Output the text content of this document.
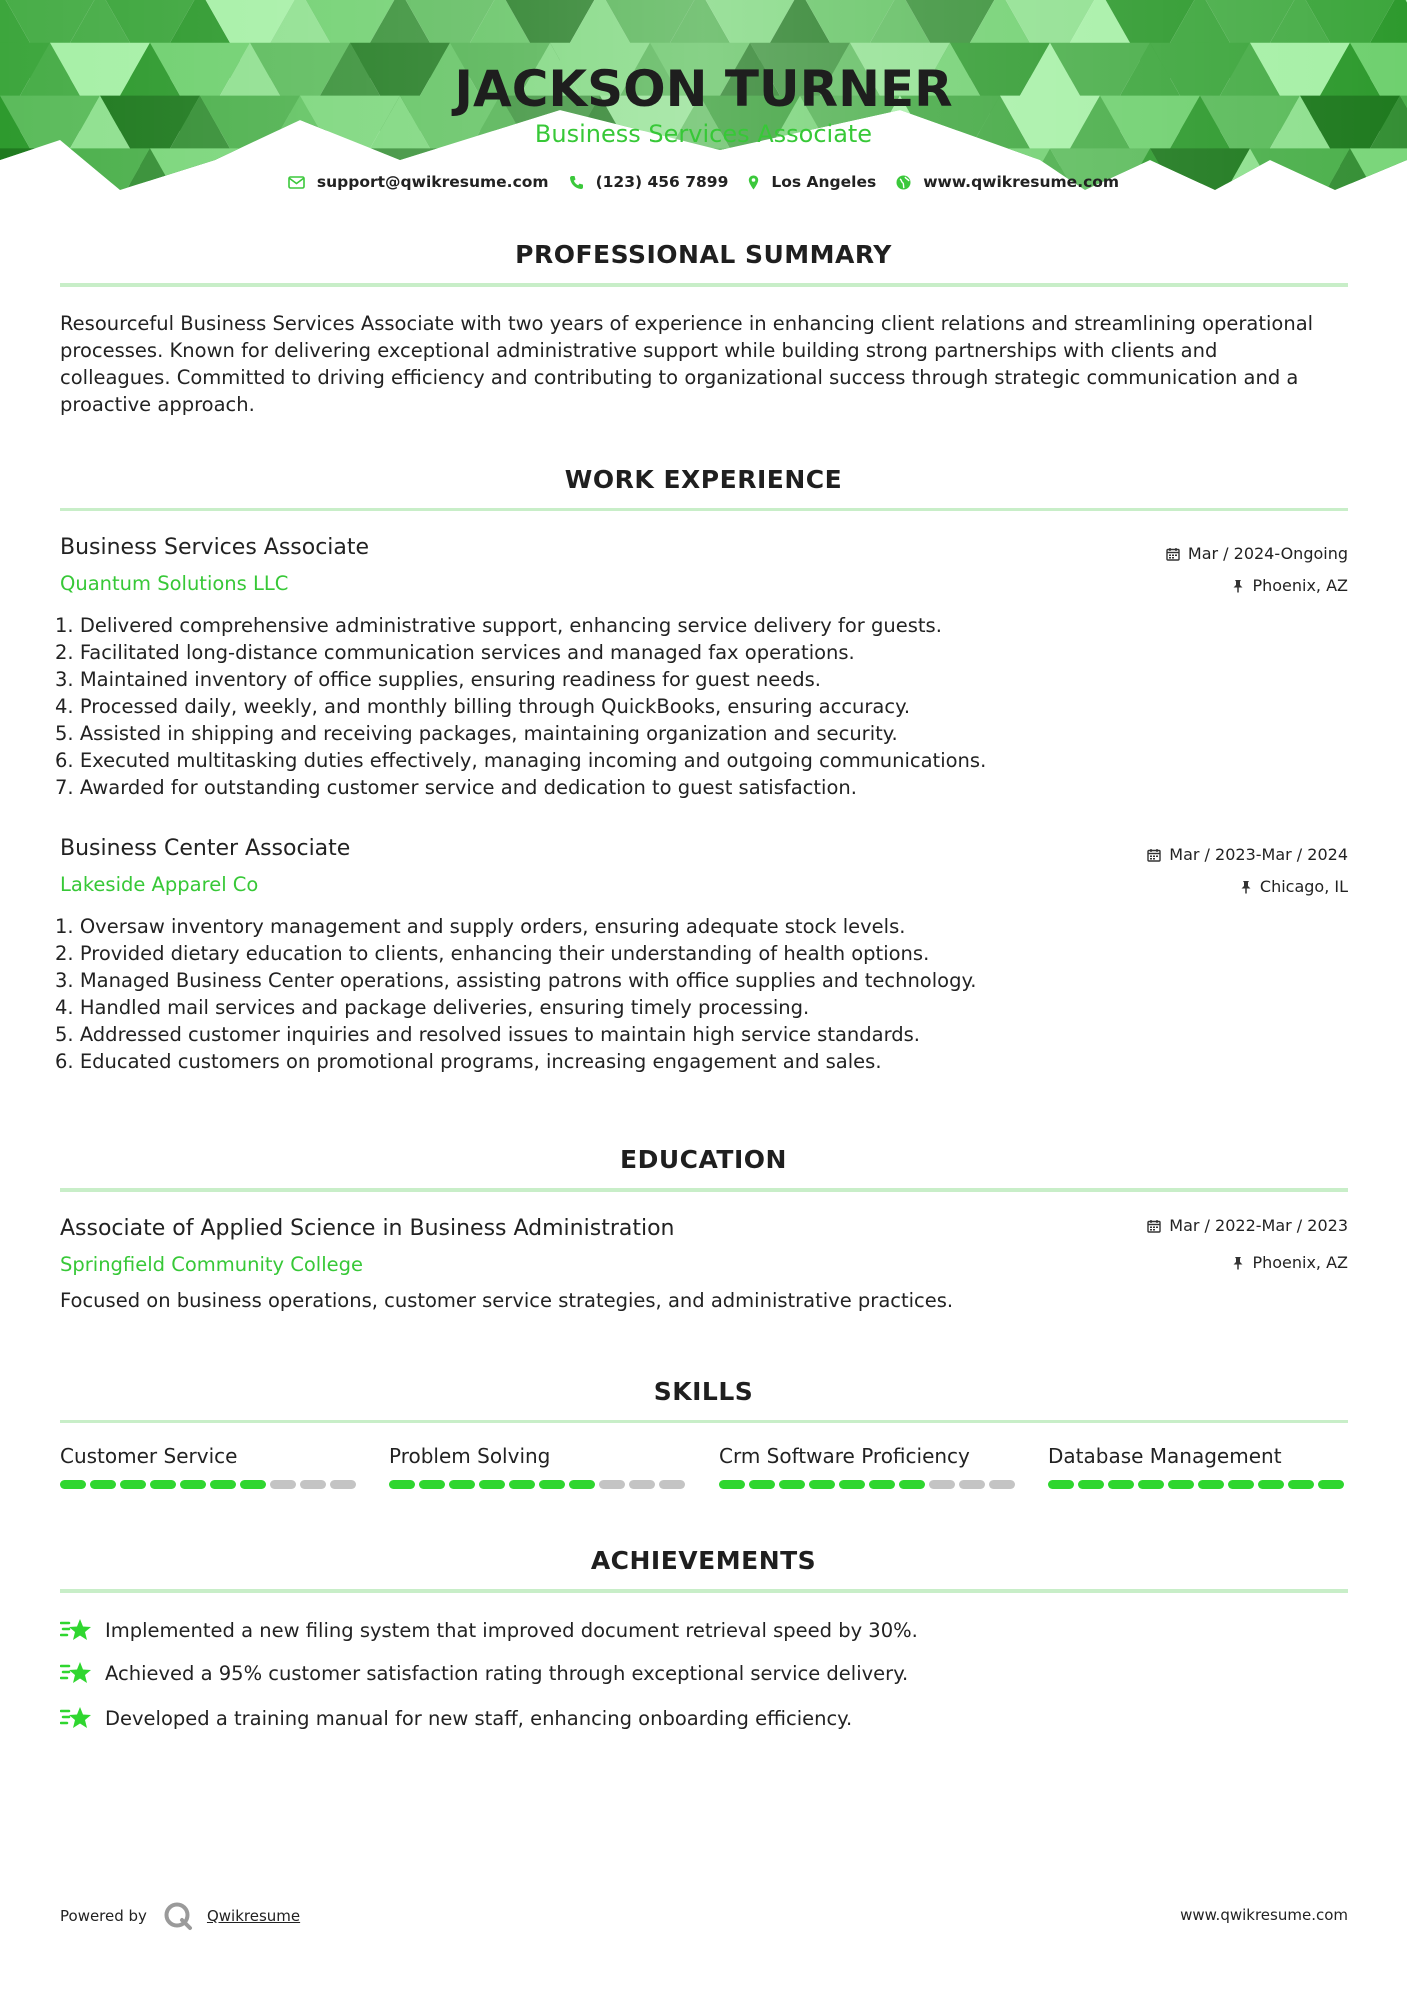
JACKSON TURNER
Business Services Associate
support@qwikresume.com	(123) 456 7899	Los Angeles	www.qwikresume.com
PROFESSIONAL SUMMARY
Resourceful Business Services Associate with two years of experience in enhancing client relations and streamlining operational
processes. Known for delivering exceptional administrative support while building strong partnerships with clients and
colleagues. Committed to driving efficiency and contributing to organizational success through strategic communication and a
proactive approach.
WORK EXPERIENCE
Business Services Associate
Quantum Solutions LLC
Mar / 2024-Ongoing
Phoenix, AZ
1. Delivered comprehensive administrative support, enhancing service delivery for guests.
2. Facilitated long-distance communication services and managed fax operations.
3. Maintained inventory of office supplies, ensuring readiness for guest needs.
4. Processed daily, weekly, and monthly billing through QuickBooks, ensuring accuracy.
5. Assisted in shipping and receiving packages, maintaining organization and security.
6. Executed multitasking duties effectively, managing incoming and outgoing communications.
7. Awarded for outstanding customer service and dedication to guest satisfaction.
Business Center Associate
Lakeside Apparel Co
Mar / 2023-Mar / 2024
Chicago, IL
1. Oversaw inventory management and supply orders, ensuring adequate stock levels.
2. Provided dietary education to clients, enhancing their understanding of health options.
3. Managed Business Center operations, assisting patrons with office supplies and technology.
4. Handled mail services and package deliveries, ensuring timely processing.
5. Addressed customer inquiries and resolved issues to maintain high service standards.
6. Educated customers on promotional programs, increasing engagement and sales.
EDUCATION
Associate of Applied Science in Business Administration
Springfield Community College
Mar / 2022-Mar / 2023
Phoenix, AZ
Focused on business operations, customer service strategies, and administrative practices.
SKILLS
Customer Service	Problem Solving	Crm Software Proficiency	Database Management
ACHIEVEMENTS
Implemented a new filing system that improved document retrieval speed by 30%.
Achieved a 95% customer satisfaction rating through exceptional service delivery.
Developed a training manual for new staff, enhancing onboarding efficiency.
Powered by	Qwikresume	www.qwikresume.com
